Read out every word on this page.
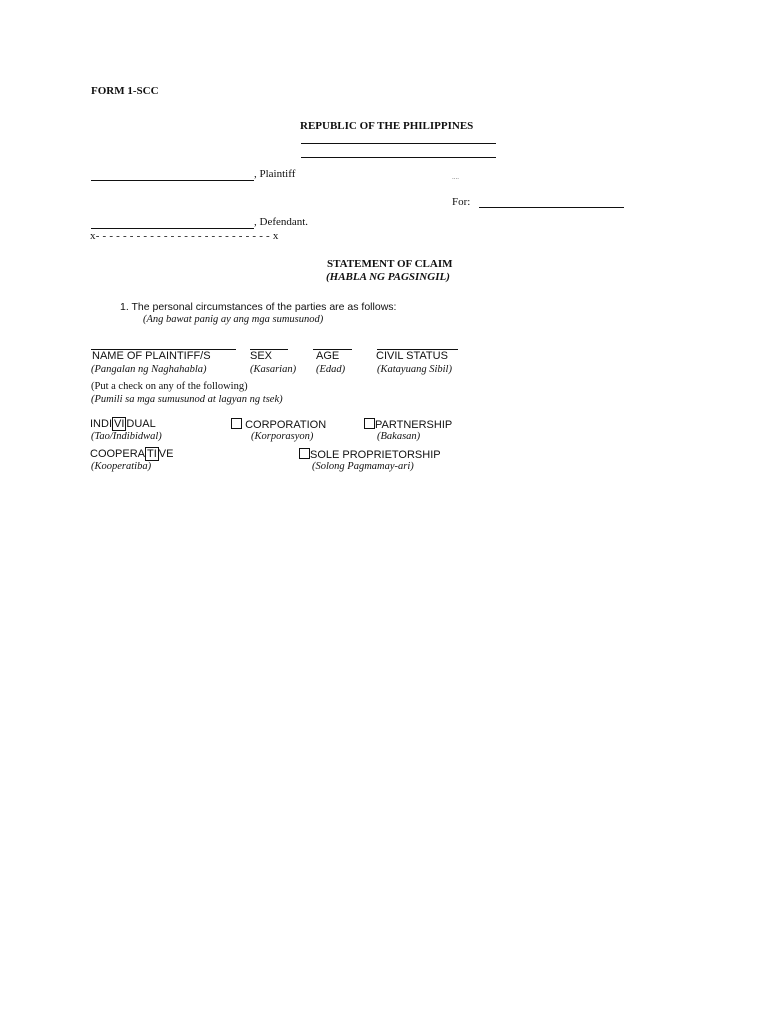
FORM 1-SCC
REPUBLIC OF THE PHILIPPINES
, Plaintiff	....
For:
, Defendant.
x- - - - - - - - - - - - - - - - - - - - - - - - - - x
STATEMENT OF CLAIM
(HABLA NG PAGSINGIL)
1. The personal circumstances of the parties are as follows:
(Ang bawat panig ay ang mga sumusunod)
NAME OF PLAINTIFF/S	SEX	AGE	CIVIL STATUS
(Pangalan ng Naghahabla)	(Kasarian) (Edad)	(Katayuang Sibil)
(Put a check on any of the following)
(Pumili sa mga sumusunod at lagyan ng tsek)
INDI VI DUAL
(Tao/Indibidwal)
CORPORATION
(Korporasyon)
PARTNERSHIP
(Bakasan)
COOPERA TI VE
(Kooperatiba)
SOLE PROPRIETORSHIP
(Solong Pagmamay-ari)
